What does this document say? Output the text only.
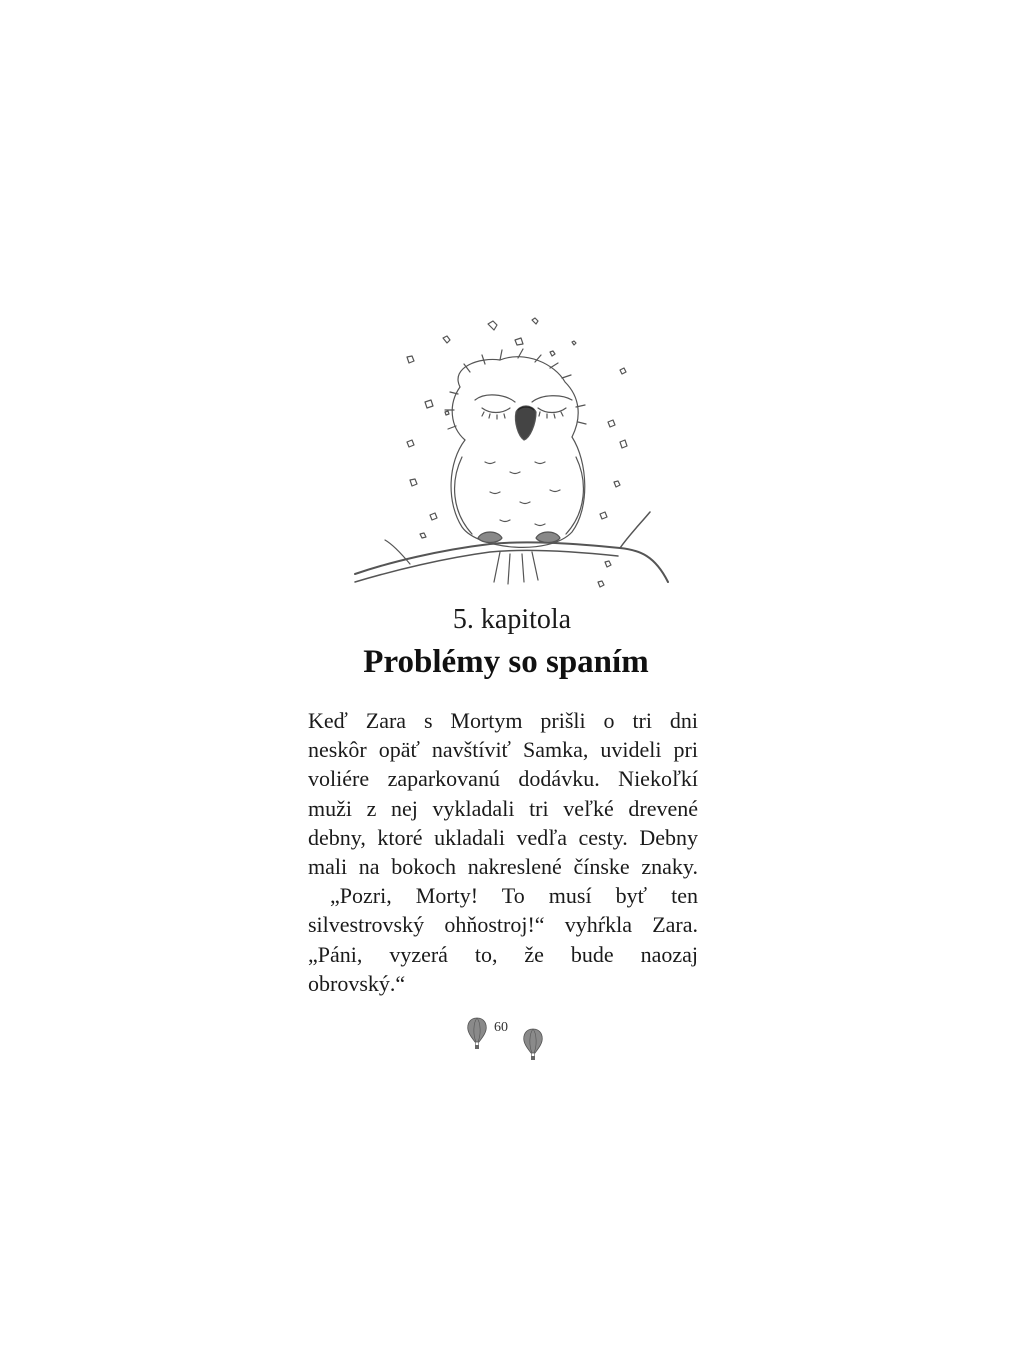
5. kapitola
Problémy so spaním
Keď Zara s Mortym prišli o tri dni
neskôr opäť navštíviť Samka, uvideli pri
voliére zaparkovanú dodávku. Niekoľkí
muži z nej vykladali tri veľké drevené
debny, ktoré ukladali vedľa cesty. Debny
mali na bokoch nakreslené čínske znaky.
„Pozri, Morty! To musí byť ten
silvestrovský ohňostroj!“ vyhŕkla Zara.
„Páni, vyzerá to, že bude naozaj
obrovský.“
60
